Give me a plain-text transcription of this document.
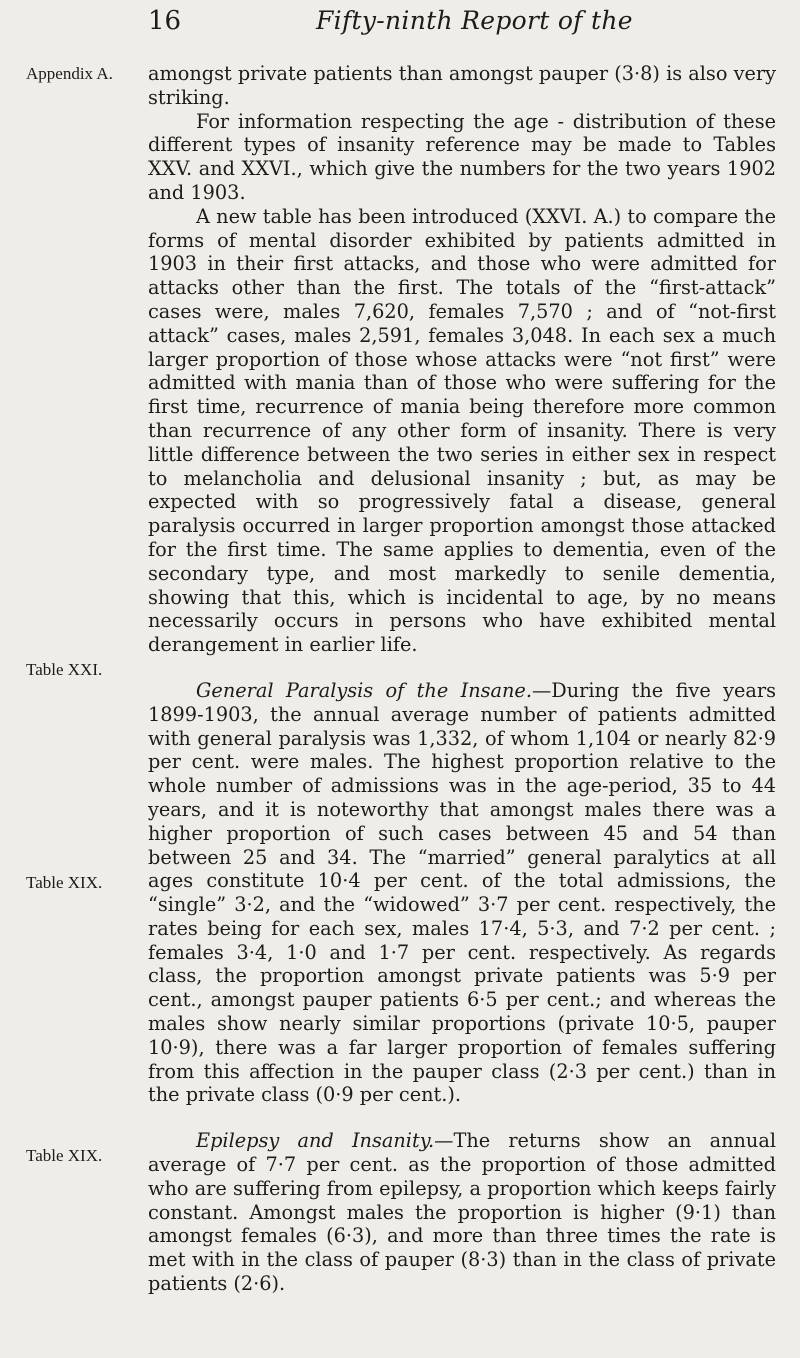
16	Fifty-ninth Report of the
Appendix A.
Table XXI.
Table XIX.
Table XIX.

amongst private patients than amongst pauper (3·8) is also very striking.

For information respecting the age - distribution of these different types of insanity reference may be made to Tables XXV. and XXVI., which give the numbers for the two years 1902 and 1903.

A new table has been introduced (XXVI. A.) to compare the forms of mental disorder exhibited by patients admitted in 1903 in their first attacks, and those who were admitted for attacks other than the first. The totals of the “first-attack” cases were, males 7,620, females 7,570 ; and of “not-first attack” cases, males 2,591, females 3,048. In each sex a much larger proportion of those whose attacks were “not first” were admitted with mania than of those who were suffering for the first time, recurrence of mania being therefore more common than recurrence of any other form of insanity. There is very little difference between the two series in either sex in respect to melancholia and delusional insanity ; but, as may be expected with so progressively fatal a disease, general paralysis occurred in larger proportion amongst those attacked for the first time. The same applies to dementia, even of the secondary type, and most markedly to senile dementia, showing that this, which is incidental to age, by no means necessarily occurs in persons who have exhibited mental derangement in earlier life.

General Paralysis of the Insane.—During the five years 1899-1903, the annual average number of patients admitted with general paralysis was 1,332, of whom 1,104 or nearly 82·9 per cent. were males. The highest proportion relative to the whole number of admissions was in the age-period, 35 to 44 years, and it is noteworthy that amongst males there was a higher proportion of such cases between 45 and 54 than between 25 and 34. The “married” general paralytics at all ages constitute 10·4 per cent. of the total admissions, the “single” 3·2, and the “widowed” 3·7 per cent. respectively, the rates being for each sex, males 17·4, 5·3, and 7·2 per cent. ; females 3·4, 1·0 and 1·7 per cent. respectively. As regards class, the proportion amongst private patients was 5·9 per cent., amongst pauper patients 6·5 per cent.; and whereas the males show nearly similar proportions (private 10·5, pauper 10·9), there was a far larger proportion of females suffering from this affection in the pauper class (2·3 per cent.) than in the private class (0·9 per cent.).

Epilepsy and Insanity.—The returns show an annual average of 7·7 per cent. as the proportion of those admitted who are suffering from epilepsy, a proportion which keeps fairly constant. Amongst males the proportion is higher (9·1) than amongst females (6·3), and more than three times the rate is met with in the class of pauper (8·3) than in the class of private patients (2·6).
